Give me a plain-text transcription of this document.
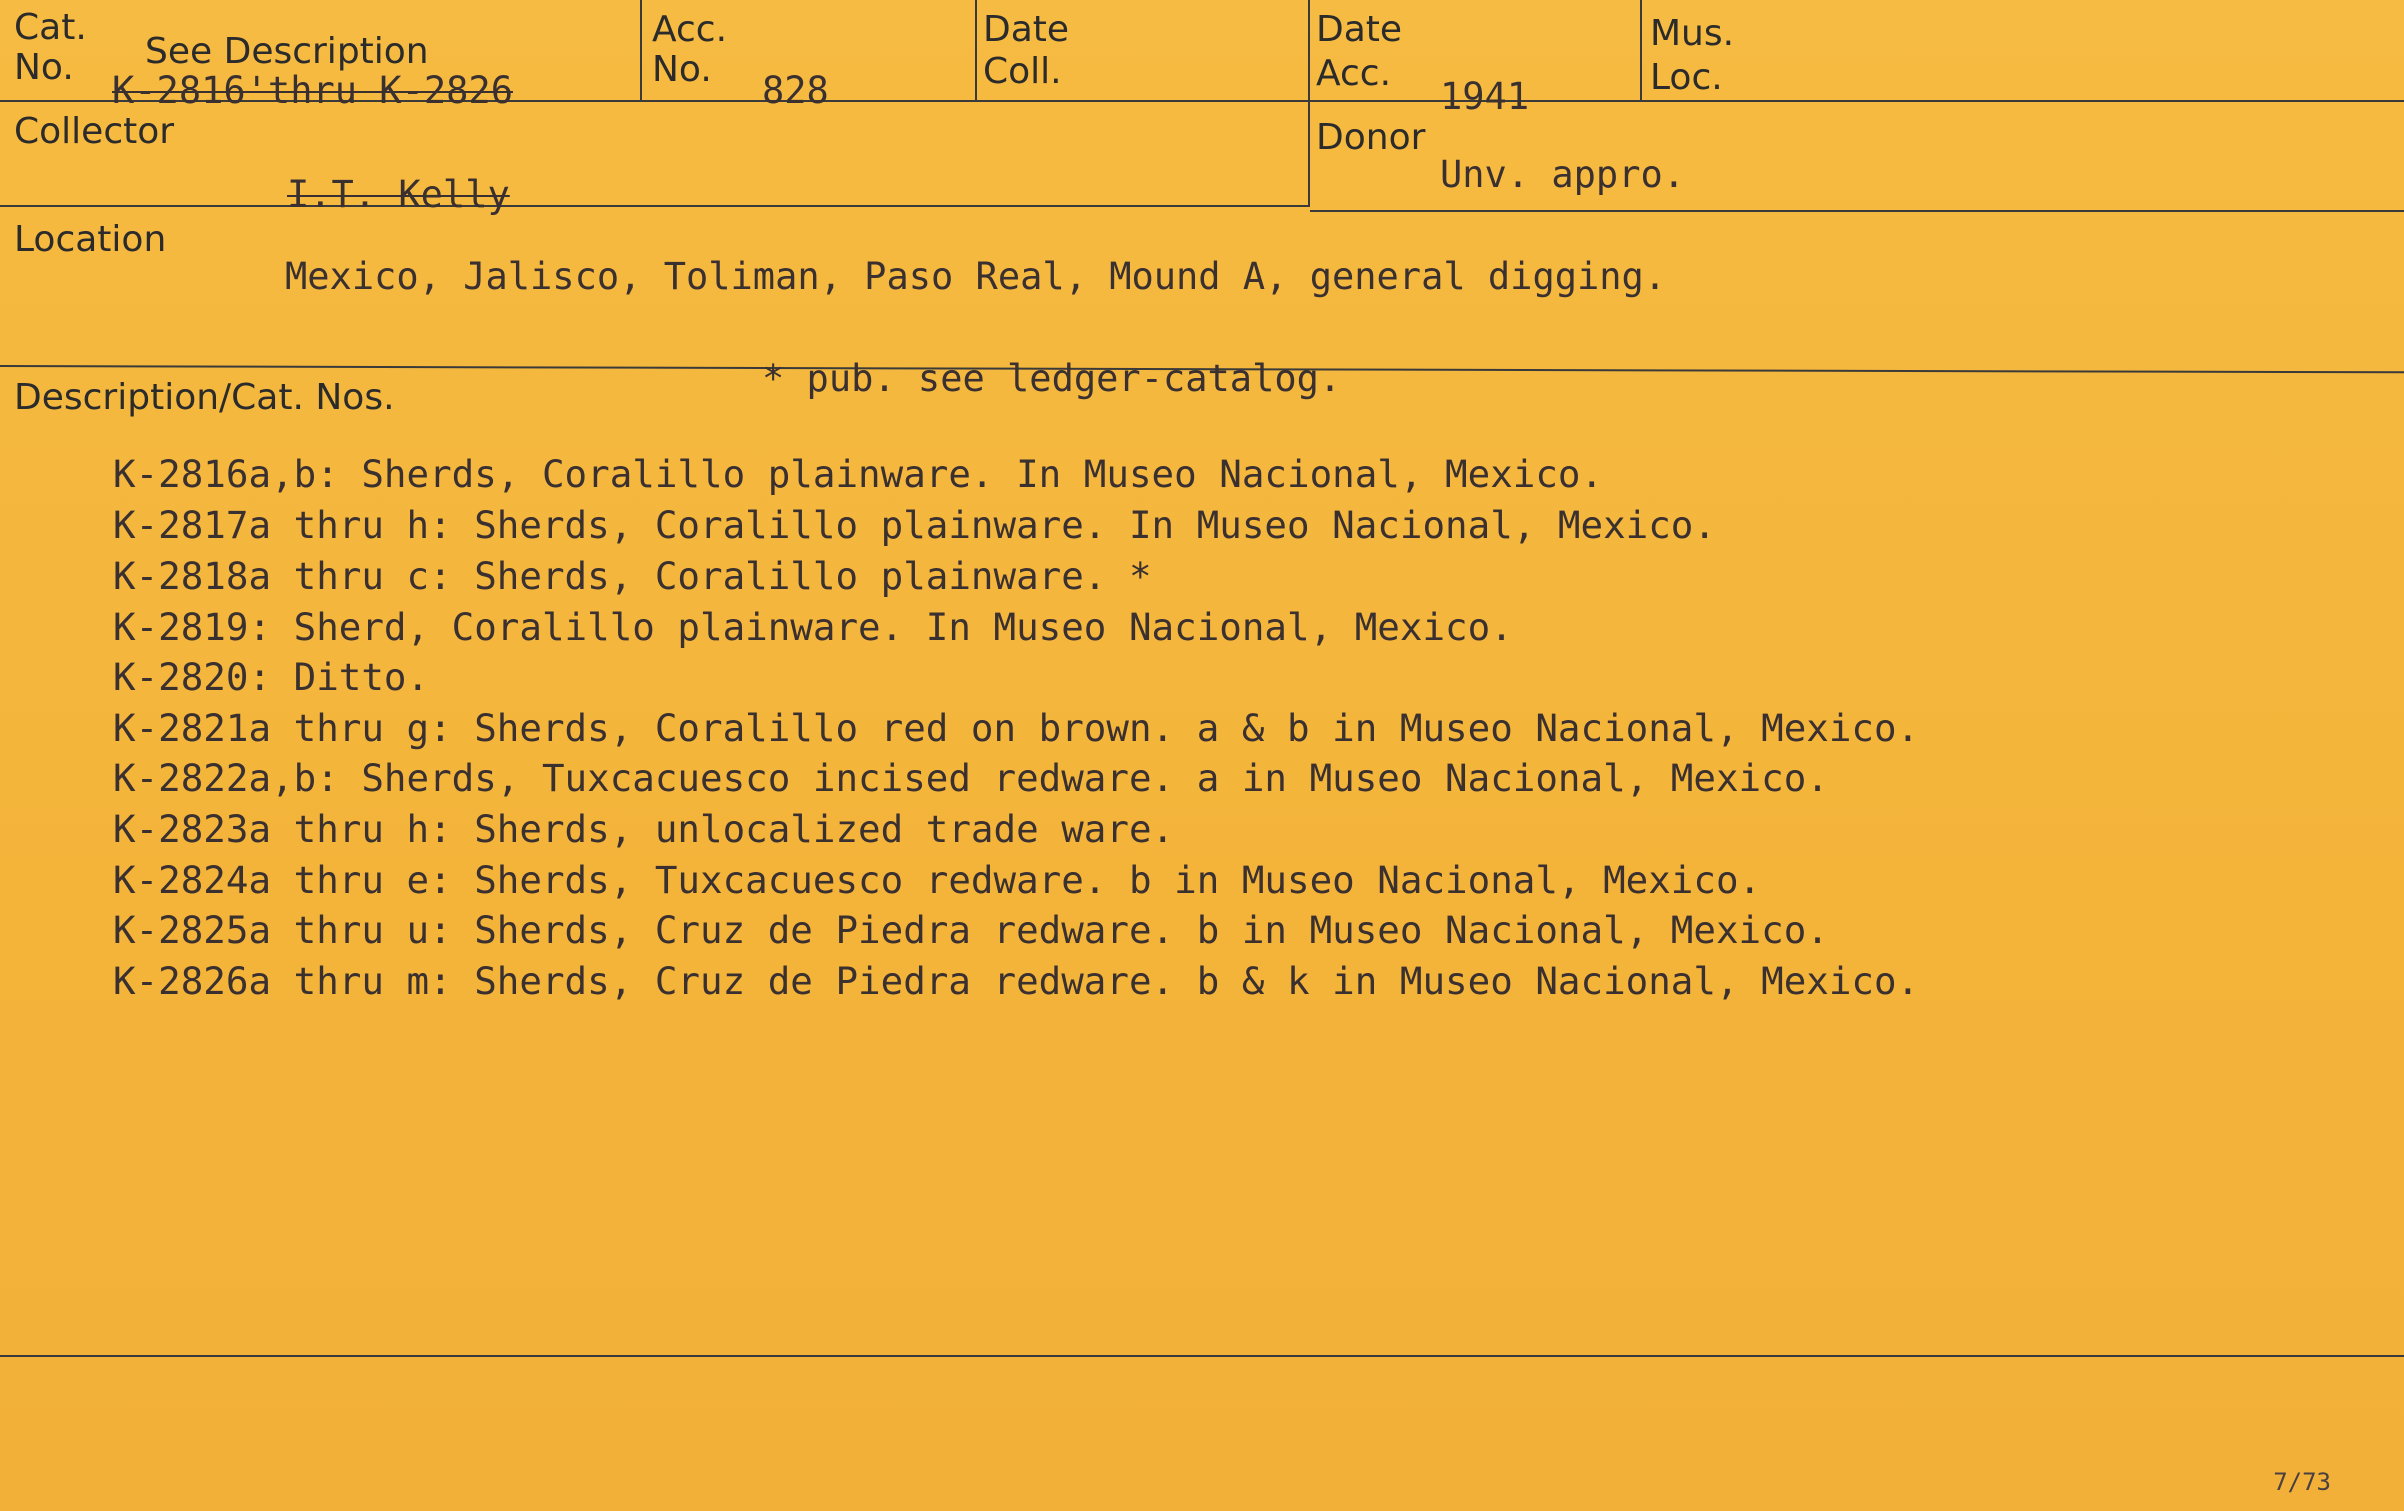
Cat.
No. See Description
K-2816'thru K-2826
Acc.
No. 828
Date
Coll.
Date
Acc.
1941
Mus.
Loc.
Collector
I.T. Kelly
Donor
Unv. appro.
Location
Mexico, Jalisco, Toliman, Paso Real, Mound A, general digging.
Description/Cat. Nos.	* pub. see ledger-catalog.
K-2816a,b: Sherds, Coralillo plainware. In Museo Nacional, Mexico.
K-2817a thru h: Sherds, Coralillo plainware. In Museo Nacional, Mexico.
K-2818a thru c: Sherds, Coralillo plainware. *
K-2819: Sherd, Coralillo plainware. In Museo Nacional, Mexico.
K-2820: Ditto.
K-2821a thru g: Sherds, Coralillo red on brown. a & b in Museo Nacional, Mexico.
K-2822a,b: Sherds, Tuxcacuesco incised redware. a in Museo Nacional, Mexico.
K-2823a thru h: Sherds, unlocalized trade ware.
K-2824a thru e: Sherds, Tuxcacuesco redware. b in Museo Nacional, Mexico.
K-2825a thru u: Sherds, Cruz de Piedra redware. b in Museo Nacional, Mexico.
K-2826a thru m: Sherds, Cruz de Piedra redware. b & k in Museo Nacional, Mexico.
7/73
